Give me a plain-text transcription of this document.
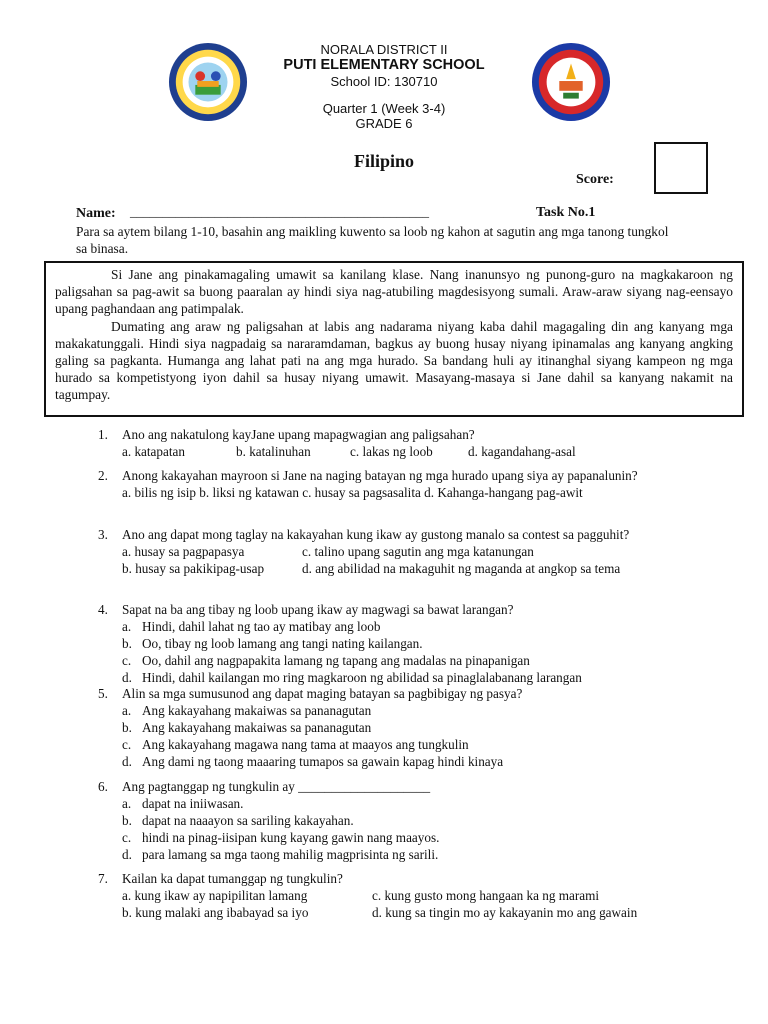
NORALA DISTRICT II
PUTI ELEMENTARY SCHOOL
School ID: 130710
Quarter 1 (Week 3-4)
GRADE 6
Filipino
Score:
Name: ______________________________________________	Task No.1
Para sa aytem bilang 1-10, basahin ang maikling kuwento sa loob ng kahon at sagutin ang mga tanong tungkol sa binasa.

Si Jane ang pinakamagaling umawit sa kanilang klase. Nang inanunsyo ng punong-guro na magkakaroon ng paligsahan sa pag-awit sa buong paaralan ay hindi siya nag-atubiling magdesisyong sumali. Araw-araw siyang nag-eensayo upang paghandaan ang patimpalak.

Dumating ang araw ng paligsahan at labis ang nadarama niyang kaba dahil magagaling din ang kanyang mga makakatunggali. Hindi siya nagpadaig sa nararamdaman, bagkus ay buong husay niyang ipinamalas ang kanyang angking galing sa pagkanta. Humanga ang lahat pati na ang mga hurado. Sa bandang huli ay itinanghal siyang kampeon ng mga hurado sa kompetistyong iyon dahil sa husay niyang umawit. Masayang-masaya si Jane dahil sa kanyang nakamit na tagumpay.

1. Ano ang nakatulong kayJane upang mapagwagian ang paligsahan?
a. katapatan	b. katalinuhan	c. lakas ng loob	d. kagandahang-asal
2. Anong kakayahan mayroon si Jane na naging batayan ng mga hurado upang siya ay papanalunin?
a. bilis ng isip b. liksi ng katawan c. husay sa pagsasalita d. Kahanga-hangang pag-awit
3. Ano ang dapat mong taglay na kakayahan kung ikaw ay gustong manalo sa contest sa pagguhit?
a. husay sa pagpapasya	c. talino upang sagutin ang mga katanungan
b. husay sa pakikipag-usap	d. ang abilidad na makaguhit ng maganda at angkop sa tema
4. Sapat na ba ang tibay ng loob upang ikaw ay magwagi sa bawat larangan?
a. Hindi, dahil lahat ng tao ay matibay ang loob
b. Oo, tibay ng loob lamang ang tangi nating kailangan.
c. Oo, dahil ang nagpapakita lamang ng tapang ang madalas na pinapanigan
d. Hindi, dahil kailangan mo ring magkaroon ng abilidad sa pinaglalabanang larangan
5. Alin sa mga sumusunod ang dapat maging batayan sa pagbibigay ng pasya?
a. Ang kakayahang makaiwas sa pananagutan
b. Ang kakayahang makaiwas sa pananagutan
c. Ang kakayahang magawa nang tama at maayos ang tungkulin
d. Ang dami ng taong maaaring tumapos sa gawain kapag hindi kinaya
6. Ang pagtanggap ng tungkulin ay ____________________
a. dapat na iniiwasan.
b. dapat na naaayon sa sariling kakayahan.
c. hindi na pinag-iisipan kung kayang gawin nang maayos.
d. para lamang sa mga taong mahilig magprisinta ng sarili.
7. Kailan ka dapat tumanggap ng tungkulin?
a. kung ikaw ay napipilitan lamang	c. kung gusto mong hangaan ka ng marami
b. kung malaki ang ibabayad sa iyo	d. kung sa tingin mo ay kakayanin mo ang gawain
